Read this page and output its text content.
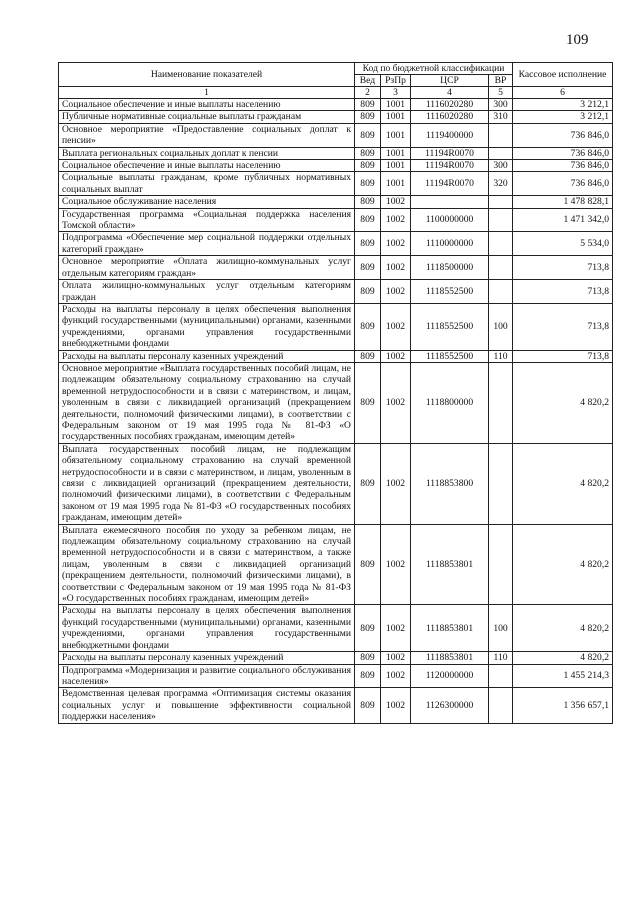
109
Наименование показателей	Код по бюджетной классификации				Кассовое исполнение
	Вед	РзПр	ЦСР	ВР	
1	2	3	4	5	6
Социальное обеспечение и иные выплаты населению	809	1001	1116020280	300	3 212,1
Публичные нормативные социальные выплаты гражданам	809	1001	1116020280	310	3 212,1
Основное мероприятие «Предоставление социальных доплат к пенсии»	809	1001	1119400000		736 846,0
Выплата региональных социальных доплат к пенсии	809	1001	11194R0070		736 846,0
Социальное обеспечение и иные выплаты населению	809	1001	11194R0070	300	736 846,0
Социальные выплаты гражданам, кроме публичных нормативных социальных выплат	809	1001	11194R0070	320	736 846,0
Социальное обслуживание населения	809	1002			1 478 828,1
Государственная программа «Социальная поддержка населения Томской области»	809	1002	1100000000		1 471 342,0
Подпрограмма «Обеспечение мер социальной поддержки отдельных категорий граждан»	809	1002	1110000000		5 534,0
Основное мероприятие «Оплата жилищно-коммунальных услуг отдельным категориям граждан»	809	1002	1118500000		713,8
Оплата жилищно-коммунальных услуг отдельным категориям граждан	809	1002	1118552500		713,8
Расходы на выплаты персоналу в целях обеспечения выполнения функций государственными (муниципальными) органами, казенными учреждениями, органами управления государственными внебюджетными фондами	809	1002	1118552500	100	713,8
Расходы на выплаты персоналу казенных учреждений	809	1002	1118552500	110	713,8
Основное мероприятие «Выплата государственных пособий лицам, не подлежащим обязательному социальному страхованию на случай временной нетрудоспособности и в связи с материнством, и лицам, уволенным в связи с ликвидацией организаций (прекращением деятельности, полномочий физическими лицами), в соответствии с Федеральным законом от 19 мая 1995 года № 81-ФЗ «О государственных пособиях гражданам, имеющим детей»	809	1002	1118800000		4 820,2
Выплата государственных пособий лицам, не подлежащим обязательному социальному страхованию на случай временной нетрудоспособности и в связи с материнством, и лицам, уволенным в связи с ликвидацией организаций (прекращением деятельности, полномочий физическими лицами), в соответствии с Федеральным законом от 19 мая 1995 года № 81-ФЗ «О государственных пособиях гражданам, имеющим детей»	809	1002	1118853800		4 820,2
Выплата ежемесячного пособия по уходу за ребенком лицам, не подлежащим обязательному социальному страхованию на случай временной нетрудоспособности и в связи с материнством, а также лицам, уволенным в связи с ликвидацией организаций (прекращением деятельности, полномочий физическими лицами), в соответствии с Федеральным законом от 19 мая 1995 года № 81-ФЗ «О государственных пособиях гражданам, имеющим детей»	809	1002	1118853801		4 820,2
Расходы на выплаты персоналу в целях обеспечения выполнения функций государственными (муниципальными) органами, казенными учреждениями, органами управления государственными внебюджетными фондами	809	1002	1118853801	100	4 820,2
Расходы на выплаты персоналу казенных учреждений	809	1002	1118853801	110	4 820,2
Подпрограмма «Модернизация и развитие социального обслуживания населения»	809	1002	1120000000		1 455 214,3
Ведомственная целевая программа «Оптимизация системы оказания социальных услуг и повышение эффективности социальной поддержки населения»	809	1002	1126300000		1 356 657,1
